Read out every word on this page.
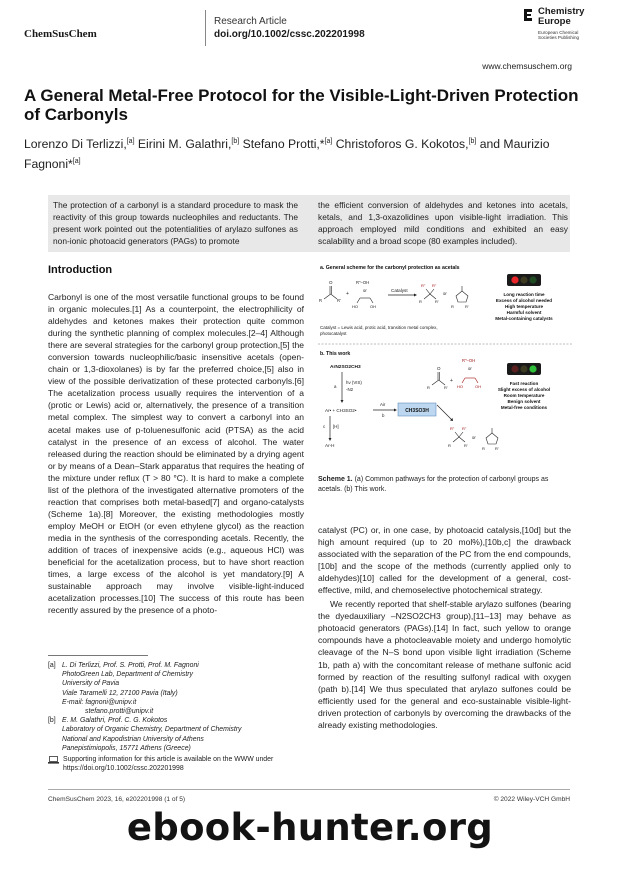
ChemSusChem
Research Article
doi.org/10.1002/cssc.202201998
Chemistry
Europe
European Chemical
Societies Publishing
www.chemsuschem.org
A General Metal-Free Protocol for the Visible-Light-Driven Protection of Carbonyls
Lorenzo Di Terlizzi,[a] Eirini M. Galathri,[b] Stefano Protti,*[a] Christoforos G. Kokotos,[b] and Maurizio Fagnoni*[a]
The protection of a carbonyl is a standard procedure to mask the reactivity of this group towards nucleophiles and reductants. The present work pointed out the potentialities of arylazo sulfones as non-ionic photoacid generators (PAGs) to promote
the efficient conversion of aldehydes and ketones into acetals, ketals, and 1,3-oxazolidines upon visible-light irradiation. This approach employed mild conditions and exhibited an easy scalability and a broad scope (80 examples included).
Introduction
Carbonyl is one of the most versatile functional groups to be found in organic molecules.[1] As a counterpoint, the electrophilicity of aldehydes and ketones makes their protection quite common during the synthetic planning of complex molecules.[2–4] Although there are several strategies for the carbonyl group protection,[5] the conversion towards nucleophilic/basic insensitive acetals (open-chain or 1,3-dioxolanes) is by far the preferred choice,[5] also in view of the possible derivatization of these protected carbonyls.[6] The acetalization process usually requires the intervention of a (protic or Lewis) acid or, alternatively, the presence of a transition metal complex. The simplest way to convert a carbonyl into an acetal makes use of p-toluenesulfonic acid (PTSA) as the acid catalyst in the presence of an excess of alcohol. The water released during the reaction should be eliminated by a drying agent or by means of a Dean–Stark apparatus that requires the heating of the mixture under reflux (T > 80 °C). It is hard to make a complete list of the plethora of the investigated alternative promoters of the reaction that comprises both metal-based[7] and organo-catalysts (Scheme 1a).[8] Moreover, the existing methodologies mostly employ MeOH or EtOH (or even ethylene glycol) as the reaction media in the synthesis of the corresponding acetals. Recently, the addition of traces of inexpensive acids (e.g., aqueous HCl) was beneficial for the acetalization process, but to have short reaction times, a large excess of the alcohol is yet mandatory.[9] A sustainable approach may involve visible-light-induced acetalization processes.[10] The success of this route has been recently assured by the presence of a photo-
a. General scheme for the carbonyl protection as acetals
O
R	R'
+
R"–OH
or
HO	OH
Catalyst
R" R"
R	R'
or
R	R'
Long reaction time
Excess of alcohol needed
High temperature
Harmful solvent
Metal-containing catalysts
Catalyst = Lewis acid, protic acid, transition metal complex,
photocatalyst
b. This work
ArN2SO2CH3
a
hν (VIS)
-N2
Ar• + CH3SO2•
Air
b
CH3SO3H
c [H]
Ar-H
O
R	R'
+
R"–OH
or
HO	OH
R" R"
R	R'
or
R	R'
Fast reaction
Slight excess of alcohol
Room temperature
Benign solvent
Metal-free conditions
Scheme 1. (a) Common pathways for the protection of carbonyl groups as acetals. (b) This work.

catalyst (PC) or, in one case, by photoacid catalysis,[10d] but the high amount required (up to 20 mol%),[10b,c] the drawback associated with the separation of the PC from the end compounds,[10b] and the scope of the methods (currently applied only to aldehydes)[10] called for the development of a general, cost-effective, mild, and chemoselective photochemical strategy.

We recently reported that shelf-stable arylazo sulfones (bearing the dyedauxiliary –N2SO2CH3 group),[11–13] may behave as photoacid generators (PAGs).[14] In fact, such yellow to orange compounds have a photocleavable moiety and undergo homolytic cleavage of the N–S bond upon visible light irradiation (Scheme 1b, path a) with the concomitant release of methane sulfonic acid formed by reaction of the resulting sulfonyl radical with oxygen (path b).[14] We thus speculated that arylazo sulfones could be efficiently used for the general and eco-sustainable visible-light-driven protection of carbonyls by overcoming the drawbacks of the already existing methodologies.

[a] L. Di Terlizzi, Prof. S. Protti, Prof. M. Fagnoni
PhotoGreen Lab, Department of Chemistry
University of Pavia
Viale Taramelli 12, 27100 Pavia (Italy)
E-mail: fagnoni@unipv.it
stefano.protti@unipv.it
[b] E. M. Galathri, Prof. C. G. Kokotos
Laboratory of Organic Chemistry, Department of Chemistry
National and Kapodistrian University of Athens
Panepistimiopolis, 15771 Athens (Greece)
Supporting information for this article is available on the WWW under https://doi.org/10.1002/cssc.202201998
ChemSusChem 2023, 16, e202201998 (1 of 5)	© 2022 Wiley-VCH GmbH
ebook-hunter.org
